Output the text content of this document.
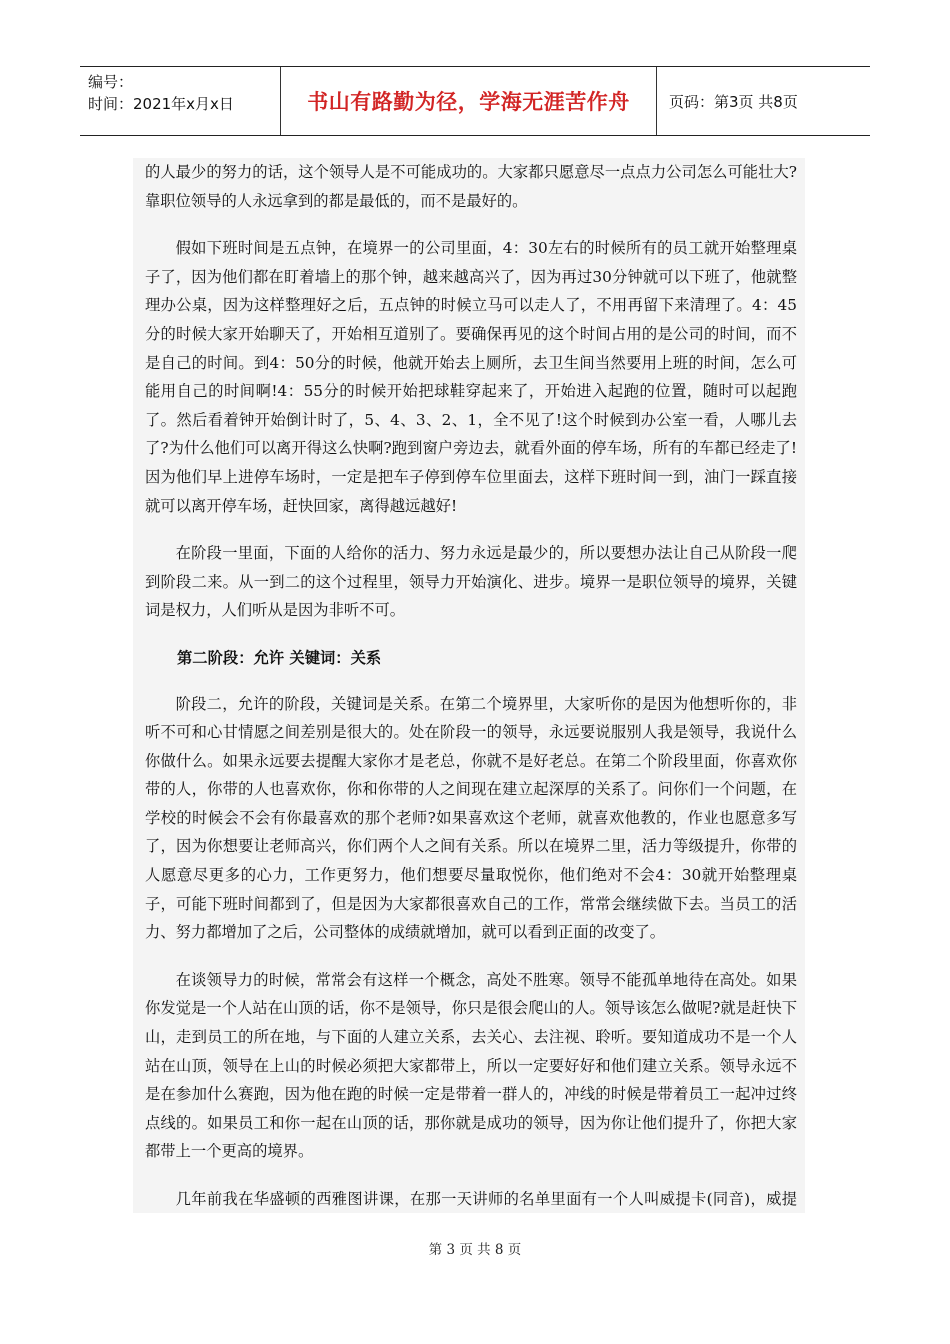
编号：
时间：2021年x月x日	书山有路勤为径，学海无涯苦作舟	页码：第3页 共8页

的人最少的努力的话，这个领导人是不可能成功的。大家都只愿意尽一点点力公司怎么可能壮大?靠职位领导的人永远拿到的都是最低的，而不是最好的。

假如下班时间是五点钟，在境界一的公司里面，4：30左右的时候所有的员工就开始整理桌子了，因为他们都在盯着墙上的那个钟，越来越高兴了，因为再过30分钟就可以下班了，他就整理办公桌，因为这样整理好之后，五点钟的时候立马可以走人了，不用再留下来清理了。4：45分的时候大家开始聊天了，开始相互道别了。要确保再见的这个时间占用的是公司的时间，而不是自己的时间。到4：50分的时候，他就开始去上厕所，去卫生间当然要用上班的时间，怎么可能用自己的时间啊!4：55分的时候开始把球鞋穿起来了，开始进入起跑的位置，随时可以起跑了。然后看着钟开始倒计时了，5、4、3、2、1，全不见了!这个时候到办公室一看，人哪儿去了?为什么他们可以离开得这么快啊?跑到窗户旁边去，就看外面的停车场，所有的车都已经走了!因为他们早上进停车场时，一定是把车子停到停车位里面去，这样下班时间一到，油门一踩直接就可以离开停车场，赶快回家，离得越远越好!

在阶段一里面，下面的人给你的活力、努力永远是最少的，所以要想办法让自己从阶段一爬到阶段二来。从一到二的这个过程里，领导力开始演化、进步。境界一是职位领导的境界，关键词是权力，人们听从是因为非听不可。

第二阶段：允许 关键词：关系

阶段二，允许的阶段，关键词是关系。在第二个境界里，大家听你的是因为他想听你的，非听不可和心甘情愿之间差别是很大的。处在阶段一的领导，永远要说服别人我是领导，我说什么你做什么。如果永远要去提醒大家你才是老总，你就不是好老总。在第二个阶段里面，你喜欢你带的人，你带的人也喜欢你，你和你带的人之间现在建立起深厚的关系了。问你们一个问题，在学校的时候会不会有你最喜欢的那个老师?如果喜欢这个老师，就喜欢他教的，作业也愿意多写了，因为你想要让老师高兴，你们两个人之间有关系。所以在境界二里，活力等级提升，你带的人愿意尽更多的心力，工作更努力，他们想要尽量取悦你，他们绝对不会4：30就开始整理桌子，可能下班时间都到了，但是因为大家都很喜欢自己的工作，常常会继续做下去。当员工的活力、努力都增加了之后，公司整体的成绩就增加，就可以看到正面的改变了。

在谈领导力的时候，常常会有这样一个概念，高处不胜寒。领导不能孤单地待在高处。如果你发觉是一个人站在山顶的话，你不是领导，你只是很会爬山的人。领导该怎么做呢?就是赶快下山，走到员工的所在地，与下面的人建立关系，去关心、去注视、聆听。要知道成功不是一个人站在山顶，领导在上山的时候必须把大家都带上，所以一定要好好和他们建立关系。领导永远不是在参加什么赛跑，因为他在跑的时候一定是带着一群人的，冲线的时候是带着员工一起冲过终点线的。如果员工和你一起在山顶的话，那你就是成功的领导，因为你让他们提升了，你把大家都带上一个更高的境界。

几年前我在华盛顿的西雅图讲课，在那一天讲师的名单里面有一个人叫威提卡(同音)，威提

第 3 页 共 8 页
